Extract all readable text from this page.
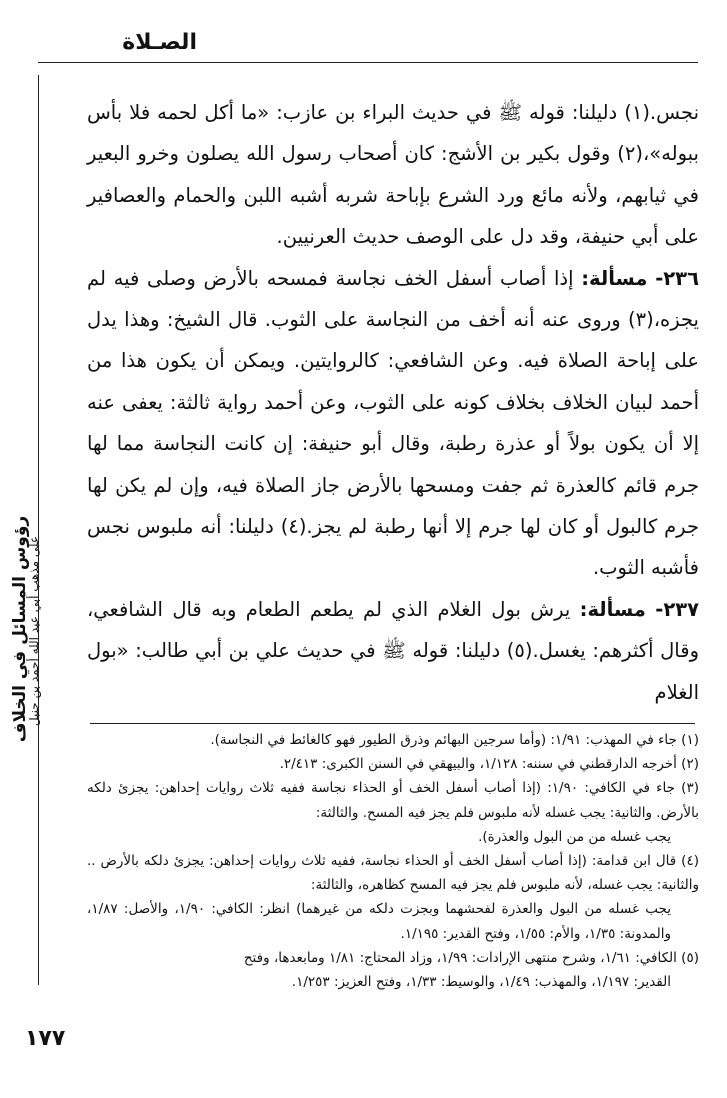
الصـلاة
رؤوس المسائل في الخلاف
على مذهب أبي عبد الله أحمد بن حنبل

نجس.(١) دليلنا: قوله ﷺ في حديث البراء بن عازب: «ما أكل لحمه فلا بأس ببوله»،(٢) وقول بكير بن الأشج: كان أصحاب رسول الله يصلون وخرو البعير في ثيابهم، ولأنه مائع ورد الشرع بإباحة شربه أشبه اللبن والحمام والعصافير على أبي حنيفة، وقد دل على الوصف حديث العرنيين.

٢٣٦- مسألة: إذا أصاب أسفل الخف نجاسة فمسحه بالأرض وصلى فيه لم يجزه،(٣) وروى عنه أنه أخف من النجاسة على الثوب. قال الشيخ: وهذا يدل على إباحة الصلاة فيه. وعن الشافعي: كالروايتين. ويمكن أن يكون هذا من أحمد لبيان الخلاف بخلاف كونه على الثوب، وعن أحمد رواية ثالثة: يعفى عنه إلا أن يكون بولاً أو عذرة رطبة، وقال أبو حنيفة: إن كانت النجاسة مما لها جرم قائم كالعذرة ثم جفت ومسحها بالأرض جاز الصلاة فيه، وإن لم يكن لها جرم كالبول أو كان لها جرم إلا أنها رطبة لم يجز.(٤) دليلنا: أنه ملبوس نجس فأشبه الثوب.

٢٣٧- مسألة: يرش بول الغلام الذي لم يطعم الطعام وبه قال الشافعي، وقال أكثرهم: يغسل.(٥) دليلنا: قوله ﷺ في حديث علي بن أبي طالب: «بول الغلام

(١) جاء في المهذب: ١/٩١: (وأما سرجين البهائم وذرق الطيور فهو كالغائط في النجاسة).

(٢) أخرجه الدارقطني في سننه: ١/١٢٨، والبيهقي في السنن الكبرى: ٢/٤١٣.

(٣) جاء في الكافي: ١/٩٠: (إذا أصاب أسفل الخف أو الحذاء نجاسة ففيه ثلاث روايات إحداهن: يجزئ دلكه بالأرض. والثانية: يجب غسله لأنه ملبوس فلم يجز فيه المسح. والثالثة:

يجب غسله من من البول والعذرة).

(٤) قال ابن قدامة: (إذا أصاب أسفل الخف أو الحذاء نجاسة، ففيه ثلاث روايات إحداهن: يجزئ دلكه بالأرض .. والثانية: يجب غسله، لأنه ملبوس فلم يجز فيه المسح كظاهره، والثالثة:

يجب غسله من البول والعذرة لفحشهما وبجزت دلكه من غيرهما) انظر: الكافي: ١/٩٠، والأصل: ١/٨٧، والمدونة: ١/٣٥، والأم: ١/٥٥، وفتح القدير: ١/١٩٥.

(٥) الكافي: ١/٦١، وشرح منتهى الإرادات: ١/٩٩، وزاد المحتاج: ١/٨١ ومابعدها، وفتح

القدير: ١/١٩٧، والمهذب: ١/٤٩، والوسيط: ١/٣٣، وفتح العزيز: ١/٢٥٣.

١٧٧
